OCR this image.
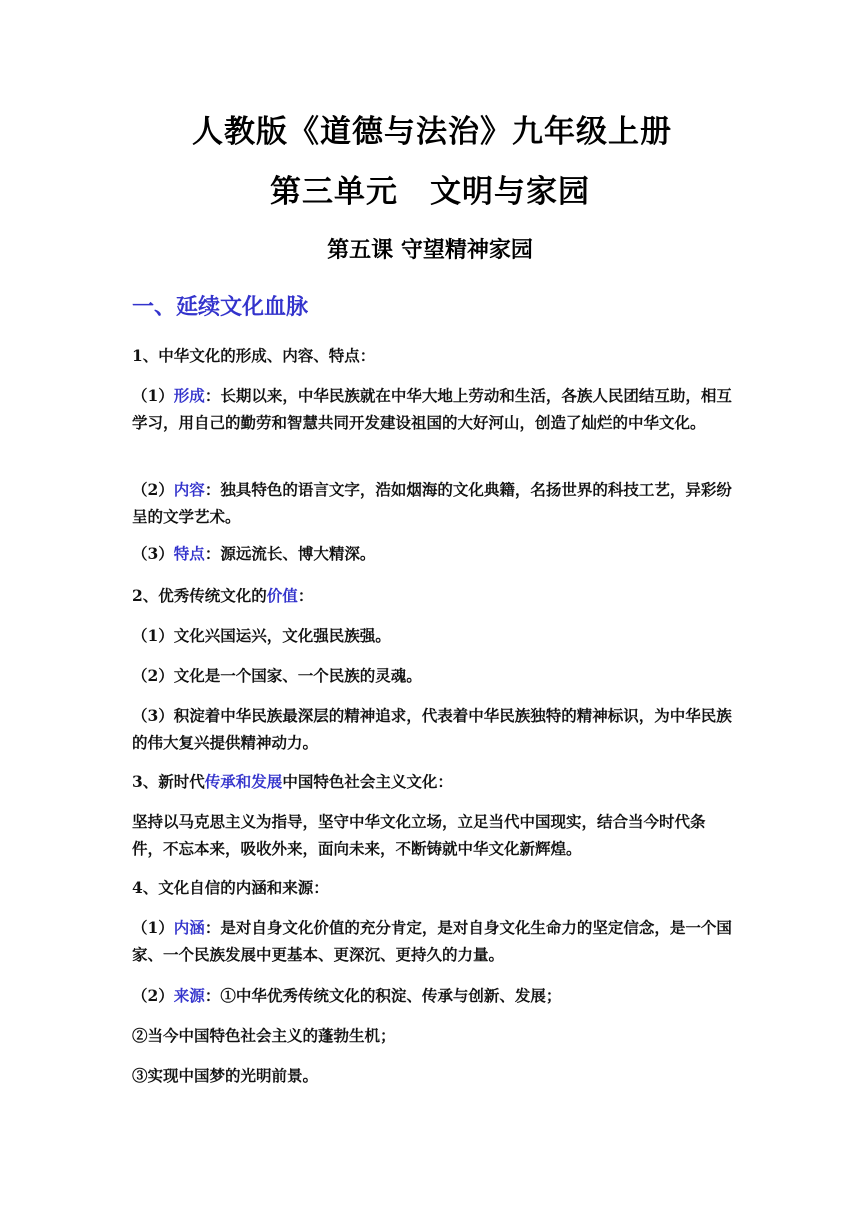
人教版《道德与法治》九年级上册
第三单元　文明与家园
第五课 守望精神家园
一、延续文化血脉
1、中华文化的形成、内容、特点：
（1）形成：长期以来，中华民族就在中华大地上劳动和生活，各族人民团结互助，相互学习，用自己的勤劳和智慧共同开发建设祖国的大好河山，创造了灿烂的中华文化。
（2）内容：独具特色的语言文字，浩如烟海的文化典籍，名扬世界的科技工艺，异彩纷呈的文学艺术。
（3）特点：源远流长、博大精深。
2、优秀传统文化的价值：
（1）文化兴国运兴，文化强民族强。
（2）文化是一个国家、一个民族的灵魂。
（3）积淀着中华民族最深层的精神追求，代表着中华民族独特的精神标识，为中华民族的伟大复兴提供精神动力。
3、新时代传承和发展中国特色社会主义文化：
坚持以马克思主义为指导，坚守中华文化立场，立足当代中国现实，结合当今时代条件，不忘本来，吸收外来，面向未来，不断铸就中华文化新辉煌。
4、文化自信的内涵和来源：
（1）内涵：是对自身文化价值的充分肯定，是对自身文化生命力的坚定信念，是一个国家、一个民族发展中更基本、更深沉、更持久的力量。
（2）来源：①中华优秀传统文化的积淀、传承与创新、发展；
②当今中国特色社会主义的蓬勃生机；
③实现中国梦的光明前景。
